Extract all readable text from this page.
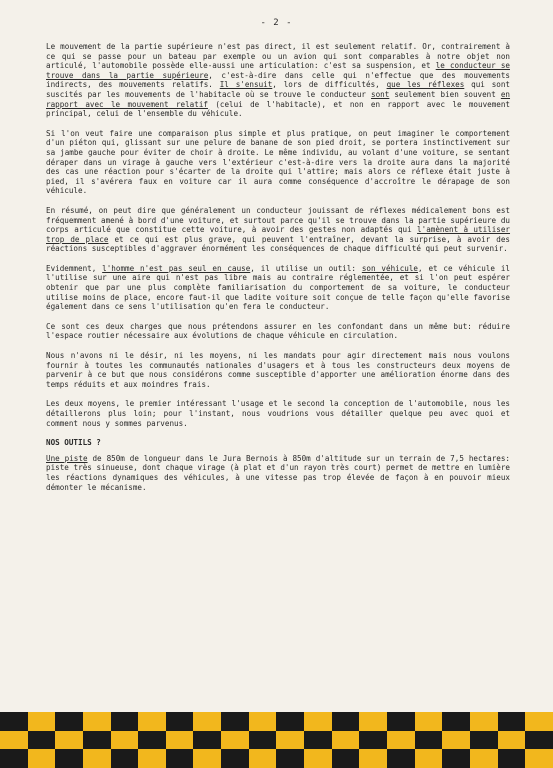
- 2 -

Le mouvement de la partie supérieure n'est pas direct, il est seulement relatif. Or, contrairement à ce qui se passe pour un bateau par exemple ou un avion qui sont comparables à notre objet non articulé, l'automobile possède elle-aussi une articulation: c'est sa suspension, et le conducteur se trouve dans la partie supérieure, c'est-à-dire dans celle qui n'effectue que des mouvements indirects, des mouvements relatifs. Il s'ensuit, lors de difficultés, que les réflexes qui sont suscités par les mouvements de l'habitacle où se trouve le conducteur sont seulement bien souvent en rapport avec le mouvement relatif (celui de l'habitacle), et non en rapport avec le mouvement principal, celui de l'ensemble du véhicule.

Si l'on veut faire une comparaison plus simple et plus pratique, on peut imaginer le comportement d'un piéton qui, glissant sur une pelure de banane de son pied droit, se portera instinctivement sur sa jambe gauche pour éviter de choir à droite. Le même individu, au volant d'une voiture, se sentant déraper dans un virage à gauche vers l'extérieur c'est-à-dire vers la droite aura dans la majorité des cas une réaction pour s'écarter de la droite qui l'attire; mais alors ce réflexe était juste à pied, il s'avérera faux en voiture car il aura comme conséquence d'accroître le dérapage de son véhicule.

En résumé, on peut dire que généralement un conducteur jouissant de réflexes médicalement bons est fréquemment amené à bord d'une voiture, et surtout parce qu'il se trouve dans la partie supérieure du corps articulé que constitue cette voiture, à avoir des gestes non adaptés qui l'amènent à utiliser trop de place et ce qui est plus grave, qui peuvent l'entraîner, devant la surprise, à avoir des réactions susceptibles d'aggraver énormément les conséquences de chaque difficulté qui peut survenir.

Evidemment, l'homme n'est pas seul en cause, il utilise un outil: son véhicule, et ce véhicule il l'utilise sur une aire qui n'est pas libre mais au contraire réglementée, et si l'on peut espérer obtenir que par une plus complète familiarisation du comportement de sa voiture, le conducteur utilise moins de place, encore faut-il que ladite voiture soit conçue de telle façon qu'elle favorise également dans ce sens l'utilisation qu'en fera le conducteur.

Ce sont ces deux charges que nous prétendons assurer en les confondant dans un même but: réduire l'espace routier nécessaire aux évolutions de chaque véhicule en circulation.

Nous n'avons ni le désir, ni les moyens, ni les mandats pour agir directement mais nous voulons fournir à toutes les communautés nationales d'usagers et à tous les constructeurs deux moyens de parvenir à ce but que nous considérons comme susceptible d'apporter une amélioration énorme dans des temps réduits et aux moindres frais.

Les deux moyens, le premier intéressant l'usage et le second la conception de l'automobile, nous les détaillerons plus loin; pour l'instant, nous voudrions vous détailler quelque peu avec quoi et comment nous y sommes parvenus.

NOS OUTILS ?

Une piste de 850m de longueur dans le Jura Bernois à 850m d'altitude sur un terrain de 7,5 hectares: piste très sinueuse, dont chaque virage (à plat et d'un rayon très court) permet de mettre en lumière les réactions dynamiques des véhicules, à une vitesse pas trop élevée de façon à en pouvoir mieux démonter le mécanisme.
